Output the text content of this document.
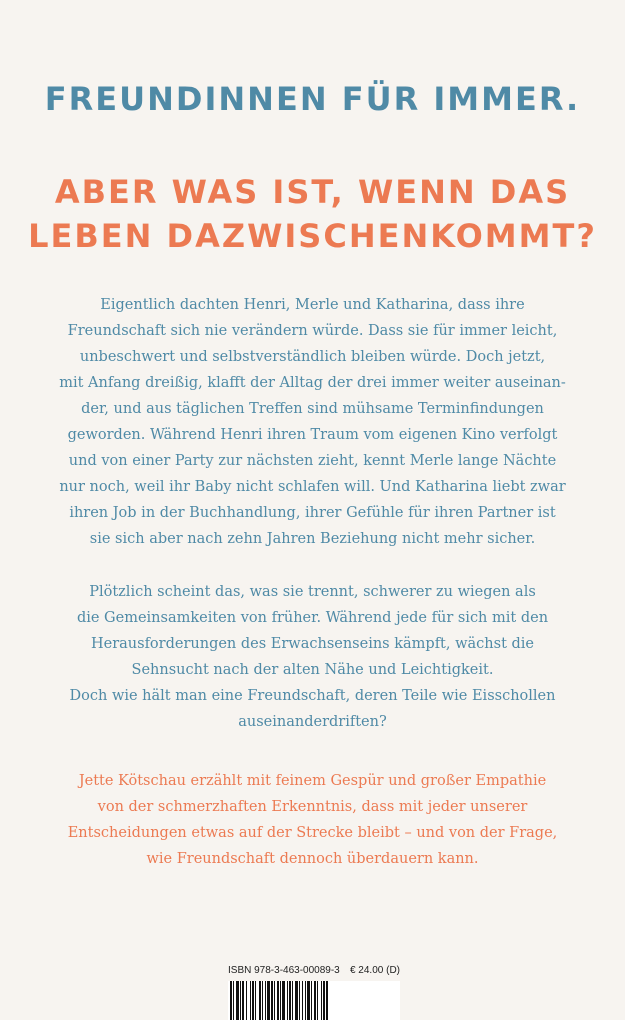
FREUNDINNEN FÜR IMMER.
ABER WAS IST, WENN DAS
LEBEN DAZWISCHENKOMMT?

Eigentlich dachten Henri, Merle und Katharina, dass ihre
Freundschaft sich nie verändern würde. Dass sie für immer leicht,
unbeschwert und selbstverständlich bleiben würde. Doch jetzt,
mit Anfang dreißig, klafft der Alltag der drei immer weiter auseinan-
der, und aus täglichen Treffen sind mühsame Terminfindungen
geworden. Während Henri ihren Traum vom eigenen Kino verfolgt
und von einer Party zur nächsten zieht, kennt Merle lange Nächte
nur noch, weil ihr Baby nicht schlafen will. Und Katharina liebt zwar
ihren Job in der Buchhandlung, ihrer Gefühle für ihren Partner ist
sie sich aber nach zehn Jahren Beziehung nicht mehr sicher.

Plötzlich scheint das, was sie trennt, schwerer zu wiegen als
die Gemeinsamkeiten von früher. Während jede für sich mit den
Herausforderungen des Erwachsenseins kämpft, wächst die
Sehnsucht nach der alten Nähe und Leichtigkeit.
Doch wie hält man eine Freundschaft, deren Teile wie Eisschollen
auseinanderdriften?

Jette Kötschau erzählt mit feinem Gespür und großer Empathie
von der schmerzhaften Erkenntnis, dass mit jeder unserer
Entscheidungen etwas auf der Strecke bleibt – und von der Frage,
wie Freundschaft dennoch überdauern kann.

ISBN 978-3-463-00089-3 € 24.00 (D)
